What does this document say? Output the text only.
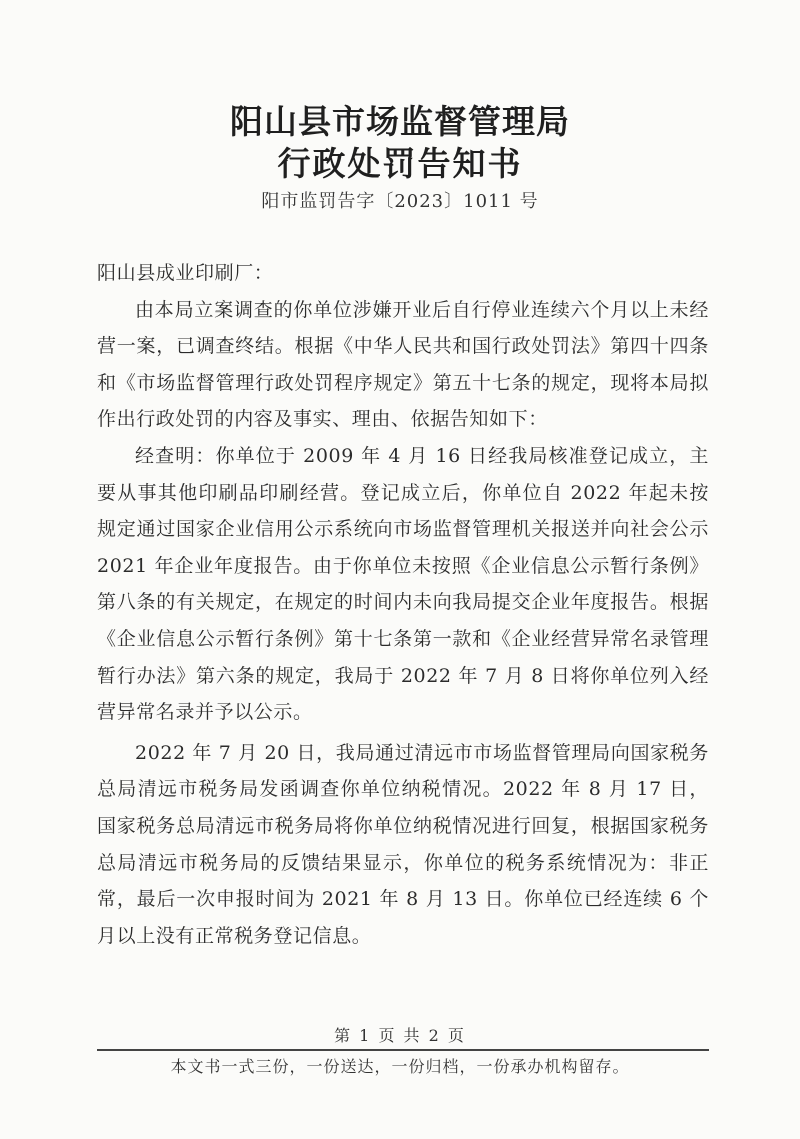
阳山县市场监督管理局
行政处罚告知书
阳市监罚告字〔2023〕1011 号

阳山县成业印刷厂：

由本局立案调查的你单位涉嫌开业后自行停业连续六个月以上未经营一案，已调查终结。根据《中华人民共和国行政处罚法》第四十四条和《市场监督管理行政处罚程序规定》第五十七条的规定，现将本局拟作出行政处罚的内容及事实、理由、依据告知如下：

经查明：你单位于 2009 年 4 月 16 日经我局核准登记成立，主要从事其他印刷品印刷经营。登记成立后，你单位自 2022 年起未按规定通过国家企业信用公示系统向市场监督管理机关报送并向社会公示 2021 年企业年度报告。由于你单位未按照《企业信息公示暂行条例》第八条的有关规定，在规定的时间内未向我局提交企业年度报告。根据《企业信息公示暂行条例》第十七条第一款和《企业经营异常名录管理暂行办法》第六条的规定，我局于 2022 年 7 月 8 日将你单位列入经营异常名录并予以公示。

2022 年 7 月 20 日，我局通过清远市市场监督管理局向国家税务总局清远市税务局发函调查你单位纳税情况。2022 年 8 月 17 日，国家税务总局清远市税务局将你单位纳税情况进行回复，根据国家税务总局清远市税务局的反馈结果显示，你单位的税务系统情况为：非正常，最后一次申报时间为 2021 年 8 月 13 日。你单位已经连续 6 个月以上没有正常税务登记信息。

第 1 页 共 2 页
本文书一式三份，一份送达，一份归档，一份承办机构留存。
